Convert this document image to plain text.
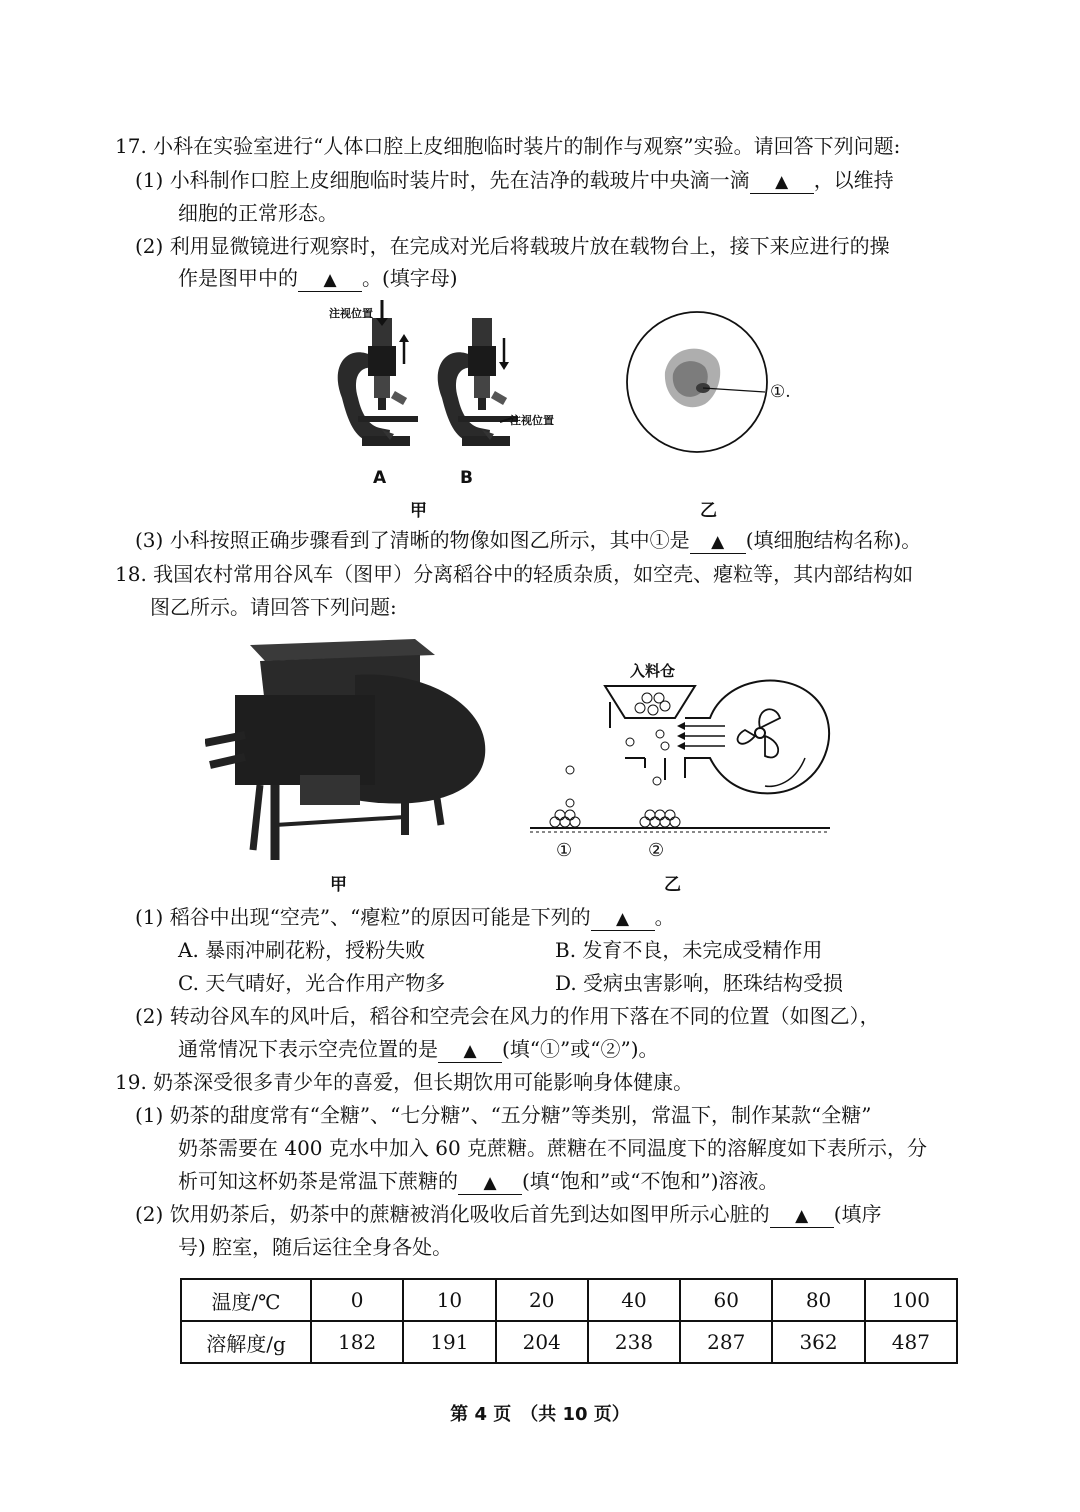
17. 小科在实验室进行“人体口腔上皮细胞临时装片的制作与观察”实验。请回答下列问题:
(1) 小科制作口腔上皮细胞临时装片时，先在洁净的载玻片中央滴一滴 ▲ ，以维持
细胞的正常形态。
(2) 利用显微镜进行观察时，在完成对光后将载玻片放在载物台上，接下来应进行的操
作是图甲中的 ▲ 。(填字母)
注视位置
注视位置
A	B
甲
①.
乙
(3) 小科按照正确步骤看到了清晰的物像如图乙所示，其中①是 ▲ (填细胞结构名称)。
18. 我国农村常用谷风车（图甲）分离稻谷中的轻质杂质，如空壳、瘪粒等，其内部结构如
图乙所示。请回答下列问题:
甲
入料仓
①	②
乙
(1) 稻谷中出现“空壳”、“瘪粒”的原因可能是下列的 ▲ 。
A. 暴雨冲刷花粉，授粉失败	B. 发育不良，未完成受精作用
C. 天气晴好，光合作用产物多	D. 受病虫害影响，胚珠结构受损
(2) 转动谷风车的风叶后，稻谷和空壳会在风力的作用下落在不同的位置（如图乙），
通常情况下表示空壳位置的是 ▲ (填“①”或“②”)。
19. 奶茶深受很多青少年的喜爱，但长期饮用可能影响身体健康。
(1) 奶茶的甜度常有“全糖”、“七分糖”、“五分糖”等类别，常温下，制作某款“全糖”
奶茶需要在 400 克水中加入 60 克蔗糖。蔗糖在不同温度下的溶解度如下表所示，分
析可知这杯奶茶是常温下蔗糖的 ▲ (填“饱和”或“不饱和”)溶液。
(2) 饮用奶茶后，奶茶中的蔗糖被消化吸收后首先到达如图甲所示心脏的 ▲ (填序
号) 腔室，随后运往全身各处。
温度/℃	0	10	20	40	60	80	100
溶解度/g	182	191	204	238	287	362	487
第 4 页　（共 10 页）
